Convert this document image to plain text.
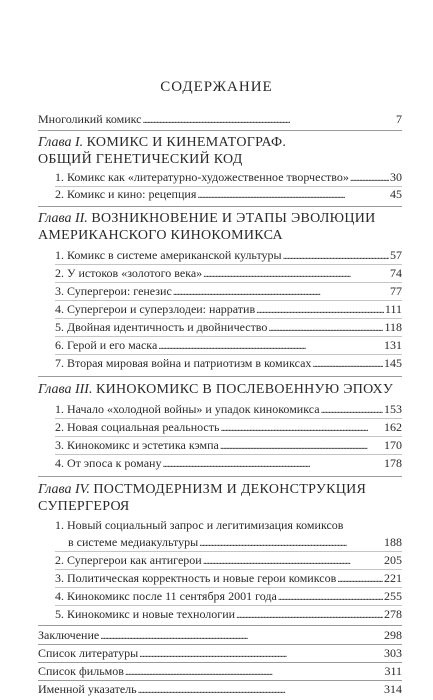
СОДЕРЖАНИЕ
Многоликий комикс . . .	7
Глава I. КОМИКС И КИНЕМАТОГРАФ.
ОБЩИЙ ГЕНЕТИЧЕСКИЙ КОД
1. Комикс как «литературно-художественное творчество» . . .	30
2. Комикс и кино: рецепция . . .	45
Глава II. ВОЗНИКНОВЕНИЕ И ЭТАПЫ ЭВОЛЮЦИИ
АМЕРИКАНСКОГО КИНОКОМИКСА
1. Комикс в системе американской культуры . . .	57
2. У истоков «золотого века» . . .	74
3. Супергерои: генезис . . .	77
4. Супергерои и суперзлодеи: нарратив . . .	111
5. Двойная идентичность и двойничество . . .	118
6. Герой и его маска . . .	131
7. Вторая мировая война и патриотизм в комиксах . . .	145
Глава III. КИНОКОМИКС В ПОСЛЕВОЕННУЮ ЭПОХУ
1. Начало «холодной войны» и упадок кинокомикса . . .	153
2. Новая социальная реальность . . .	162
3. Кинокомикс и эстетика кэмпа . . .	170
4. От эпоса к роману . . .	178
Глава IV. ПОСТМОДЕРНИЗМ И ДЕКОНСТРУКЦИЯ
СУПЕРГЕРОЯ
1. Новый социальный запрос и легитимизация комиксов
в системе медиакультуры . . .	188
2. Супергерои как антигерои . . .	205
3. Политическая корректность и новые герои комиксов . . .	221
4. Кинокомикс после 11 сентября 2001 года . . .	255
5. Кинокомикс и новые технологии . . .	278
Заключение . . .	298
Список литературы . . .	303
Список фильмов . . .	311
Именной указатель . . .	314
